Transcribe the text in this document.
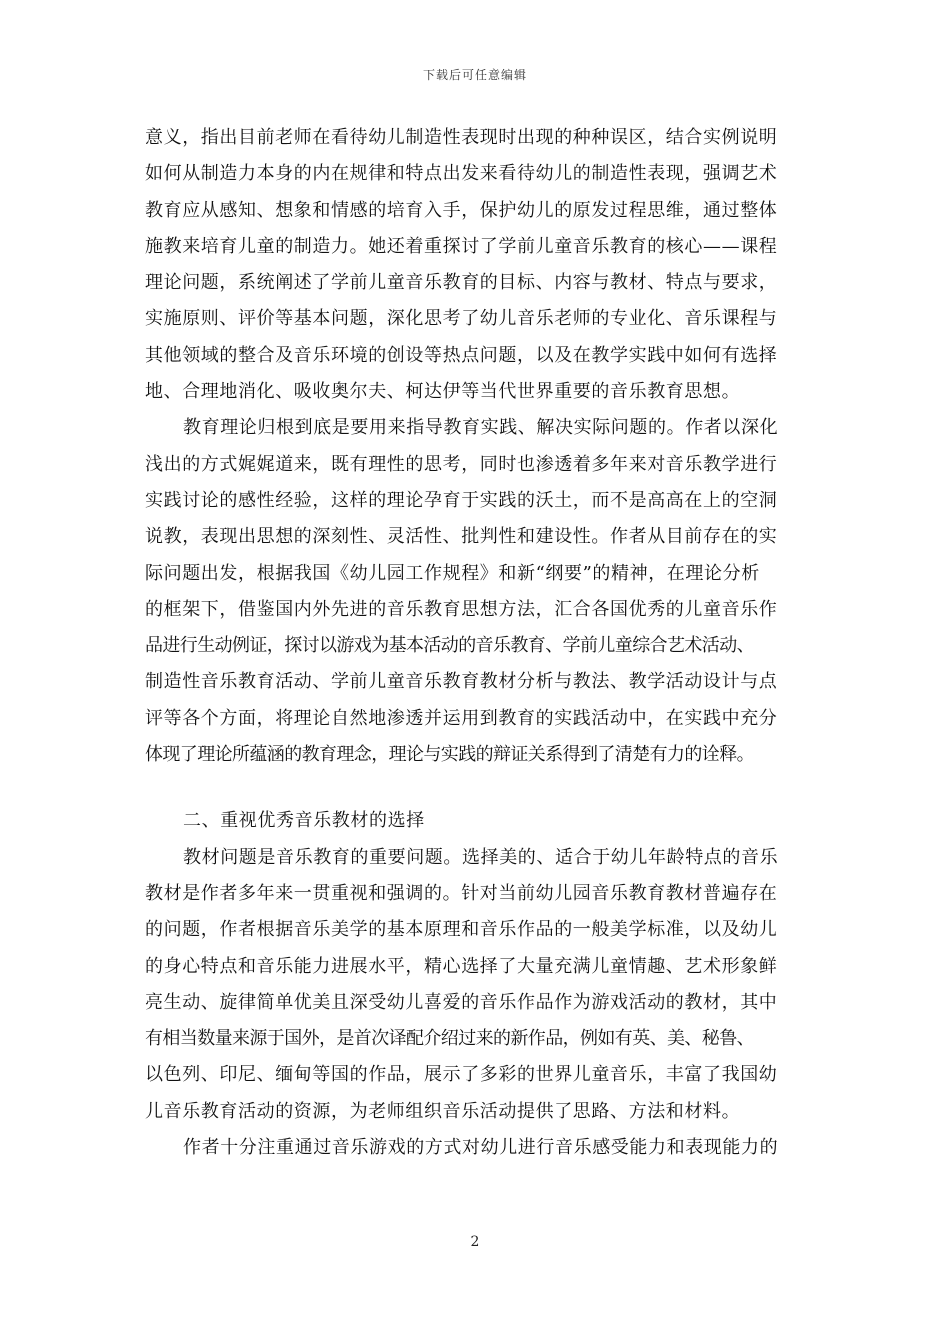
下载后可任意编辑
意义，指出目前老师在看待幼儿制造性表现时出现的种种误区，结合实例说明
如何从制造力本身的内在规律和特点出发来看待幼儿的制造性表现，强调艺术
教育应从感知、想象和情感的培育入手，保护幼儿的原发过程思维，通过整体
施教来培育儿童的制造力。她还着重探讨了学前儿童音乐教育的核心——课程
理论问题，系统阐述了学前儿童音乐教育的目标、内容与教材、特点与要求，
实施原则、评价等基本问题，深化思考了幼儿音乐老师的专业化、音乐课程与
其他领域的整合及音乐环境的创设等热点问题，以及在教学实践中如何有选择
地、合理地消化、吸收奥尔夫、柯达伊等当代世界重要的音乐教育思想。
教育理论归根到底是要用来指导教育实践、解决实际问题的。作者以深化
浅出的方式娓娓道来，既有理性的思考，同时也渗透着多年来对音乐教学进行
实践讨论的感性经验，这样的理论孕育于实践的沃土，而不是高高在上的空洞
说教，表现出思想的深刻性、灵活性、批判性和建设性。作者从目前存在的实
际问题出发，根据我国《幼儿园工作规程》和新“纲要”的精神，在理论分析
的框架下，借鉴国内外先进的音乐教育思想方法，汇合各国优秀的儿童音乐作
品进行生动例证，探讨以游戏为基本活动的音乐教育、学前儿童综合艺术活动、
制造性音乐教育活动、学前儿童音乐教育教材分析与教法、教学活动设计与点
评等各个方面，将理论自然地渗透并运用到教育的实践活动中，在实践中充分
体现了理论所蕴涵的教育理念，理论与实践的辩证关系得到了清楚有力的诠释。
二、重视优秀音乐教材的选择
教材问题是音乐教育的重要问题。选择美的、适合于幼儿年龄特点的音乐
教材是作者多年来一贯重视和强调的。针对当前幼儿园音乐教育教材普遍存在
的问题，作者根据音乐美学的基本原理和音乐作品的一般美学标准，以及幼儿
的身心特点和音乐能力进展水平，精心选择了大量充满儿童情趣、艺术形象鲜
亮生动、旋律简单优美且深受幼儿喜爱的音乐作品作为游戏活动的教材，其中
有相当数量来源于国外，是首次译配介绍过来的新作品，例如有英、美、秘鲁、
以色列、印尼、缅甸等国的作品，展示了多彩的世界儿童音乐，丰富了我国幼
儿音乐教育活动的资源，为老师组织音乐活动提供了思路、方法和材料。
作者十分注重通过音乐游戏的方式对幼儿进行音乐感受能力和表现能力的
2
